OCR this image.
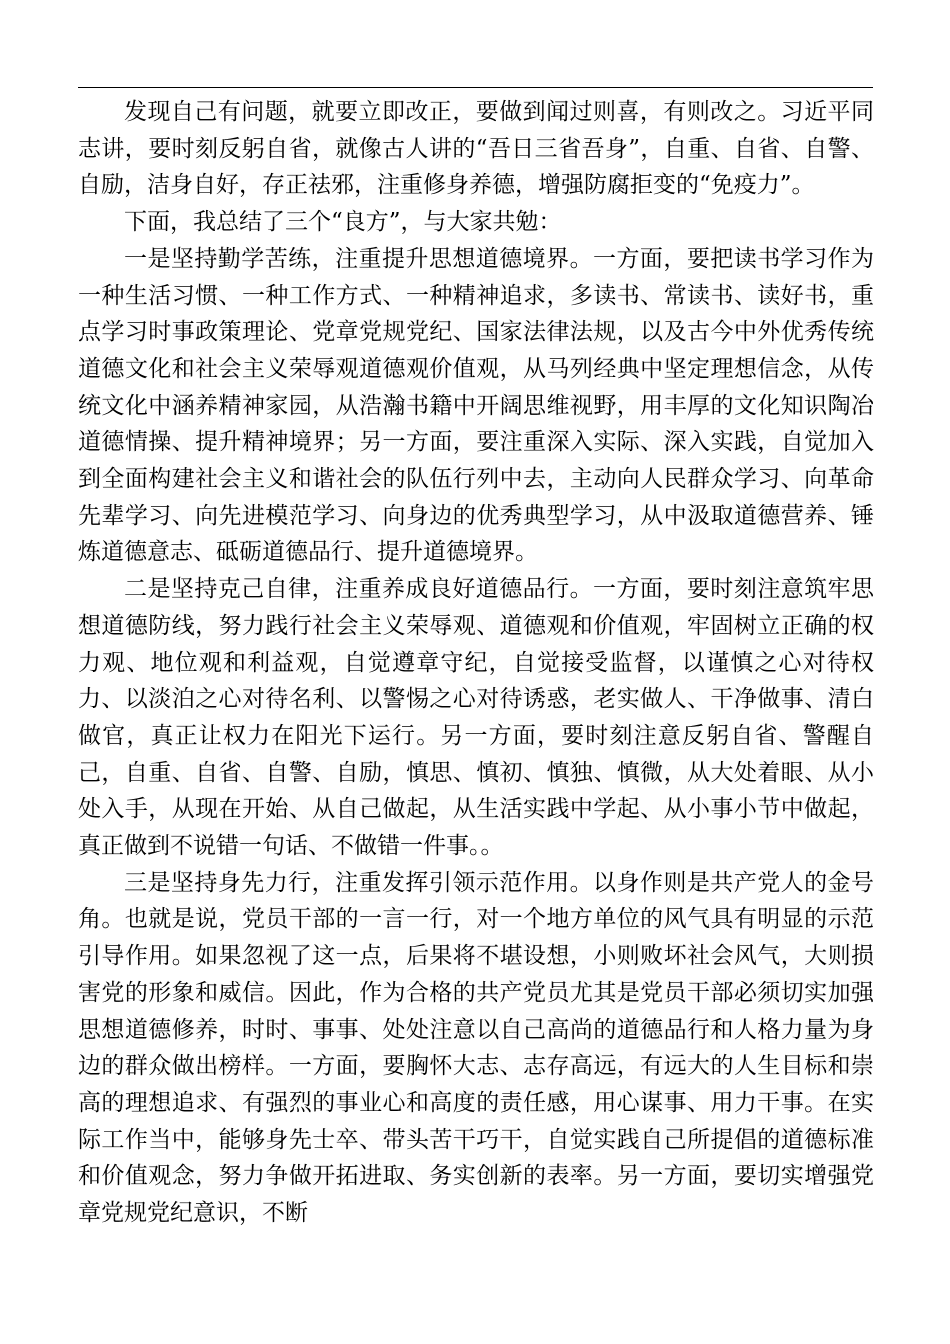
发现自己有问题，就要立即改正，要做到闻过则喜，有则改之。习近平同志讲，要时刻反躬自省，就像古人讲的“吾日三省吾身”，自重、自省、自警、自励，洁身自好，存正祛邪，注重修身养德，增强防腐拒变的“免疫力”。

下面，我总结了三个“良方”，与大家共勉：

一是坚持勤学苦练，注重提升思想道德境界。一方面，要把读书学习作为一种生活习惯、一种工作方式、一种精神追求，多读书、常读书、读好书，重点学习时事政策理论、党章党规党纪、国家法律法规，以及古今中外优秀传统道德文化和社会主义荣辱观道德观价值观，从马列经典中坚定理想信念，从传统文化中涵养精神家园，从浩瀚书籍中开阔思维视野，用丰厚的文化知识陶冶道德情操、提升精神境界；另一方面，要注重深入实际、深入实践，自觉加入到全面构建社会主义和谐社会的队伍行列中去，主动向人民群众学习、向革命先辈学习、向先进模范学习、向身边的优秀典型学习，从中汲取道德营养、锤炼道德意志、砥砺道德品行、提升道德境界。

二是坚持克己自律，注重养成良好道德品行。一方面，要时刻注意筑牢思想道德防线，努力践行社会主义荣辱观、道德观和价值观，牢固树立正确的权力观、地位观和利益观，自觉遵章守纪，自觉接受监督，以谨慎之心对待权力、以淡泊之心对待名利、以警惕之心对待诱惑，老实做人、干净做事、清白做官，真正让权力在阳光下运行。另一方面，要时刻注意反躬自省、警醒自己，自重、自省、自警、自励，慎思、慎初、慎独、慎微，从大处着眼、从小处入手，从现在开始、从自己做起，从生活实践中学起、从小事小节中做起，真正做到不说错一句话、不做错一件事。。

三是坚持身先力行，注重发挥引领示范作用。以身作则是共产党人的金号角。也就是说，党员干部的一言一行，对一个地方单位的风气具有明显的示范引导作用。如果忽视了这一点，后果将不堪设想，小则败坏社会风气，大则损害党的形象和威信。因此，作为合格的共产党员尤其是党员干部必须切实加强思想道德修养，时时、事事、处处注意以自己高尚的道德品行和人格力量为身边的群众做出榜样。一方面，要胸怀大志、志存高远，有远大的人生目标和崇高的理想追求、有强烈的事业心和高度的责任感，用心谋事、用力干事。在实际工作当中，能够身先士卒、带头苦干巧干，自觉实践自己所提倡的道德标准和价值观念，努力争做开拓进取、务实创新的表率。另一方面，要切实增强党章党规党纪意识，不断
